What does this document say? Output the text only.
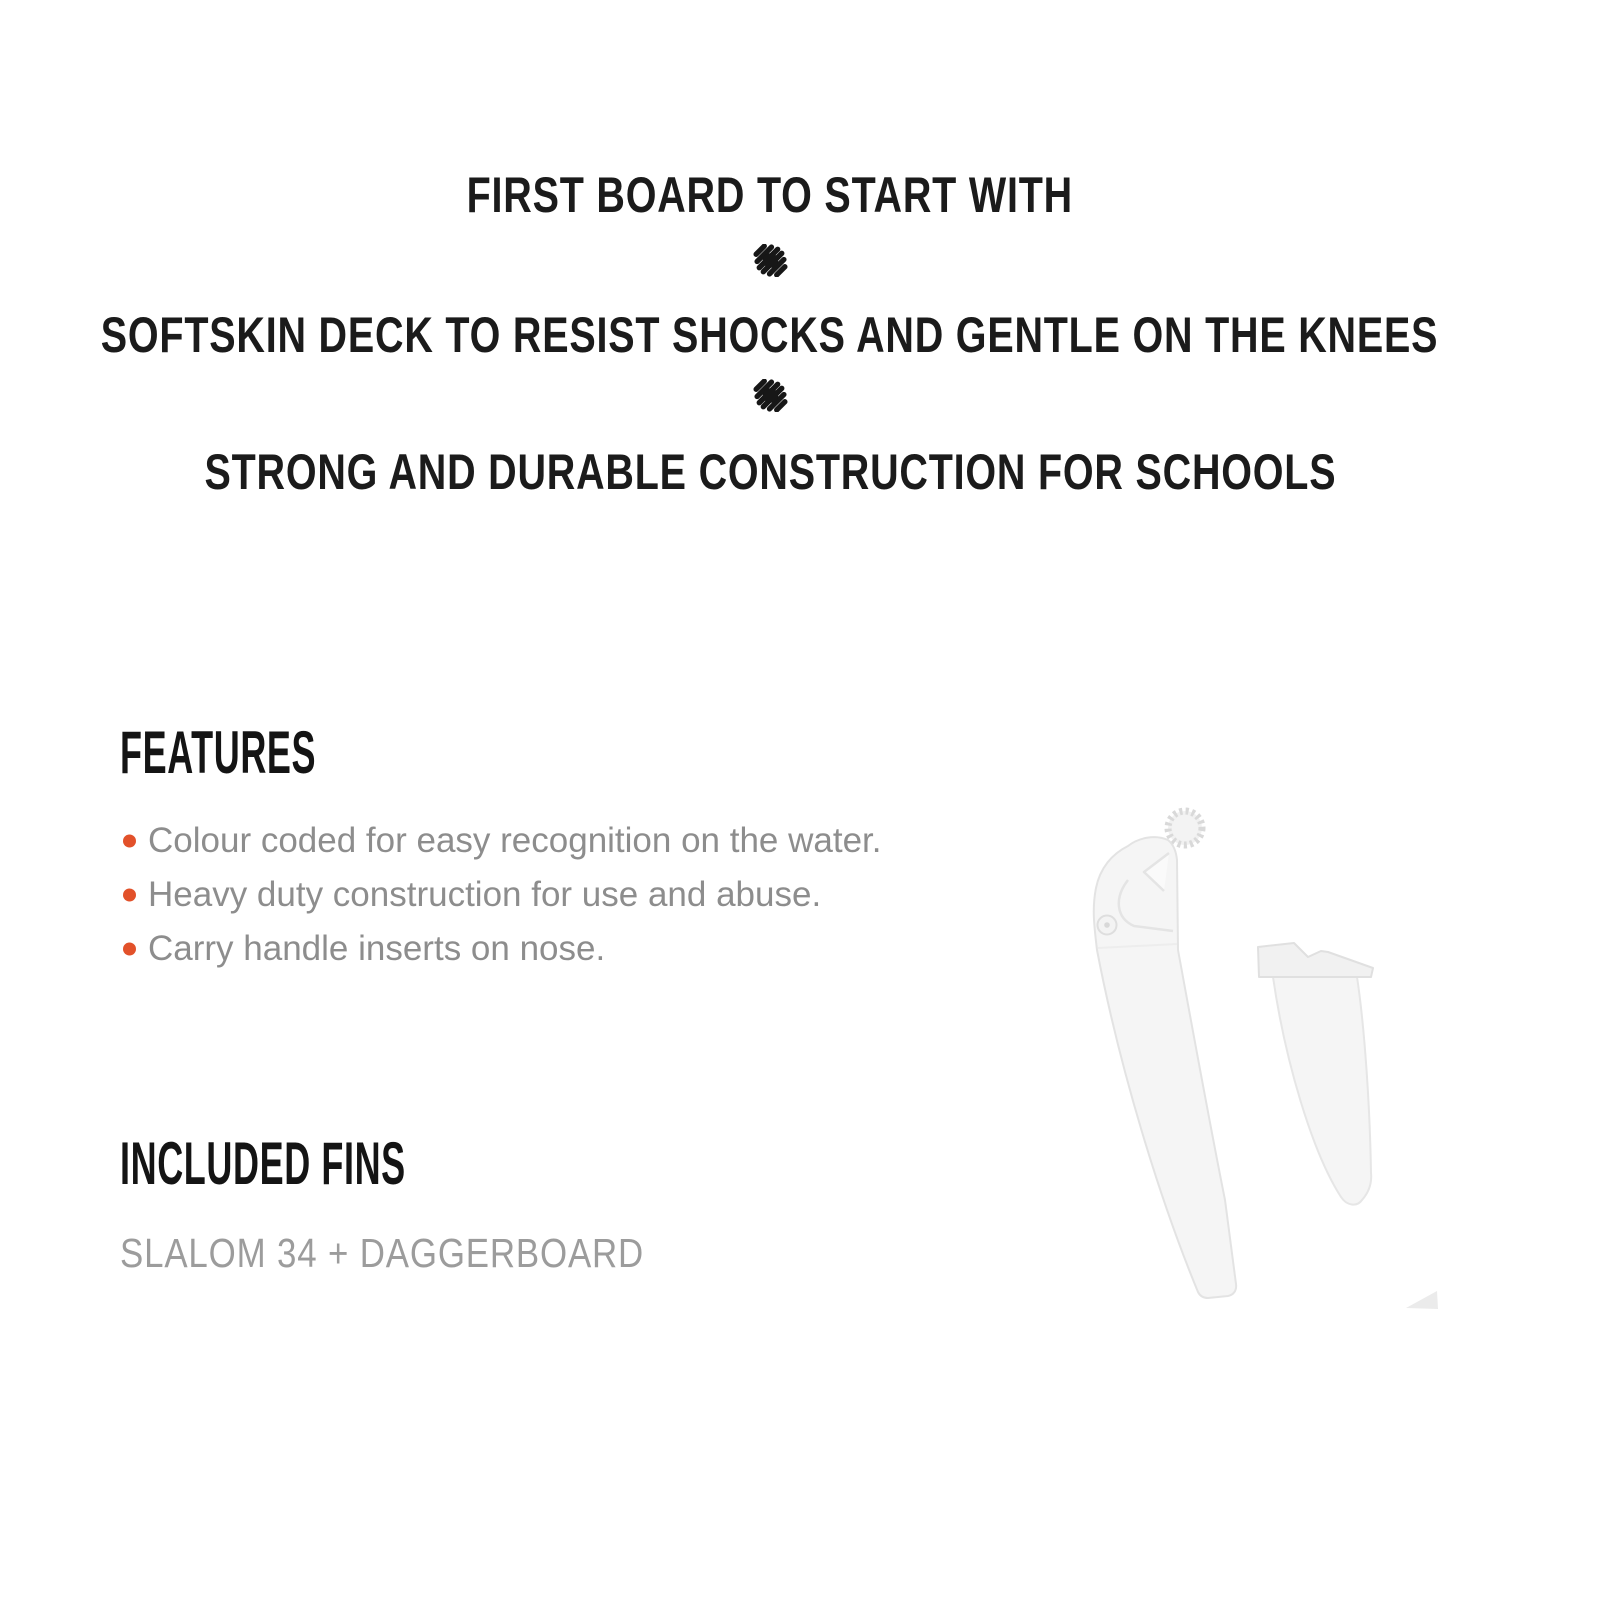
FIRST BOARD TO START WITH
SOFTSKIN DECK TO RESIST SHOCKS AND GENTLE ON THE KNEES
STRONG AND DURABLE CONSTRUCTION FOR SCHOOLS
FEATURES
Colour coded for easy recognition on the water.
Heavy duty construction for use and abuse.
Carry handle inserts on nose.
INCLUDED FINS

SLALOM 34 + DAGGERBOARD
